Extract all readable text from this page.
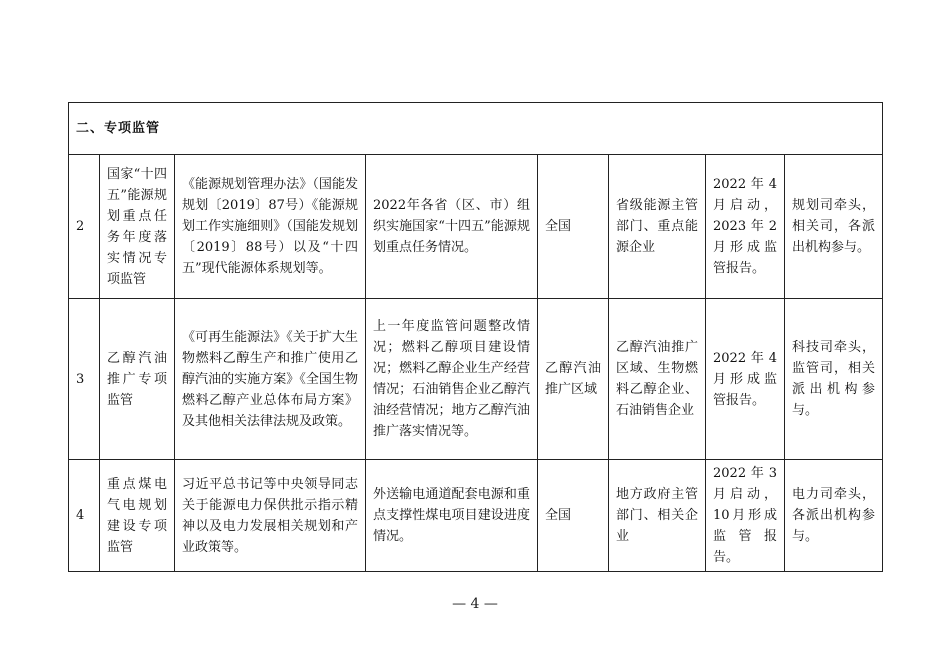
二、专项监管							
2	国家“十四五”能源规划重点任务年度落实情况专项监管	《能源规划管理办法》（国能发规划〔2019〕87号）《能源规划工作实施细则》（国能发规划〔2019〕88号）以及“十四五”现代能源体系规划等。	2022年各省（区、市）组织实施国家“十四五”能源规划重点任务情况。	全国	省级能源主管部门、重点能源企业	2022年4月启动，2023年2月形成监管报告。	规划司牵头，相关司，各派出机构参与。
3	乙醇汽油推广专项监管	《可再生能源法》《关于扩大生物燃料乙醇生产和推广使用乙醇汽油的实施方案》《全国生物燃料乙醇产业总体布局方案》及其他相关法律法规及政策。	上一年度监管问题整改情况；燃料乙醇项目建设情况；燃料乙醇企业生产经营情况；石油销售企业乙醇汽油经营情况；地方乙醇汽油推广落实情况等。	乙醇汽油推广区域	乙醇汽油推广区域、生物燃料乙醇企业、石油销售企业	2022年4月形成监管报告。	科技司牵头，监管司，相关派出机构参与。
4	重点煤电气电规划建设专项监管	习近平总书记等中央领导同志关于能源电力保供批示指示精神以及电力发展相关规划和产业政策等。	外送输电通道配套电源和重点支撑性煤电项目建设进度情况。	全国	地方政府主管部门、相关企业	2022年3月启动，10月形成监管报告。	电力司牵头，各派出机构参与。
— 4 —
